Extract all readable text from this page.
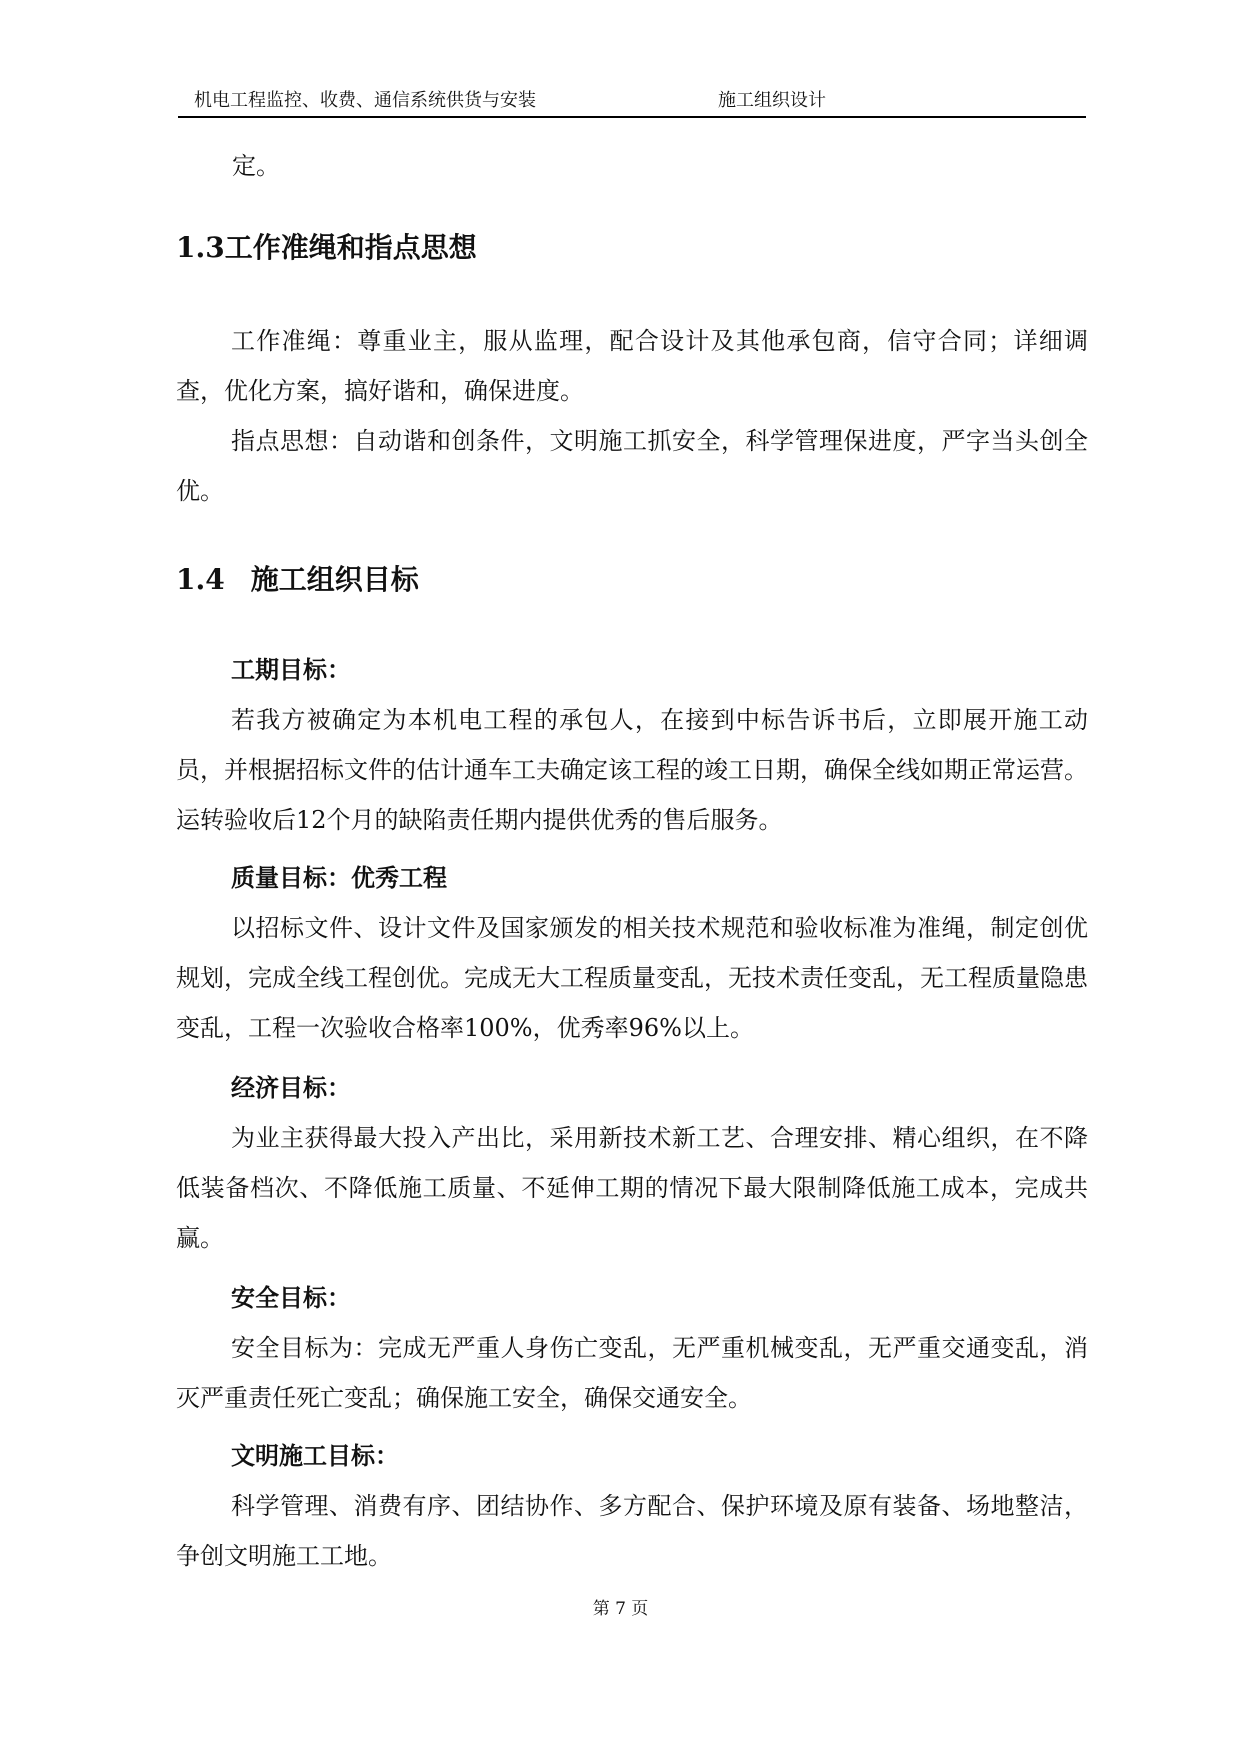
机电工程监控、收费、通信系统供货与安装	施工组织设计
定。
1.3工作准绳和指点思想

工作准绳：尊重业主，服从监理，配合设计及其他承包商，信守合同；详细调查，优化方案，搞好谐和，确保进度。

指点思想：自动谐和创条件，文明施工抓安全，科学管理保进度，严字当头创全优。

1.4 施工组织目标
工期目标：

若我方被确定为本机电工程的承包人，在接到中标告诉书后，立即展开施工动员，并根据招标文件的估计通车工夫确定该工程的竣工日期，确保全线如期正常运营。运转验收后12个月的缺陷责任期内提供优秀的售后服务。

质量目标：优秀工程

以招标文件、设计文件及国家颁发的相关技术规范和验收标准为准绳，制定创优规划，完成全线工程创优。完成无大工程质量变乱，无技术责任变乱，无工程质量隐患变乱，工程一次验收合格率100%，优秀率96%以上。

经济目标：

为业主获得最大投入产出比，采用新技术新工艺、合理安排、精心组织，在不降低装备档次、不降低施工质量、不延伸工期的情况下最大限制降低施工成本，完成共赢。

安全目标：

安全目标为：完成无严重人身伤亡变乱，无严重机械变乱，无严重交通变乱，消灭严重责任死亡变乱；确保施工安全，确保交通安全。

文明施工目标：

科学管理、消费有序、团结协作、多方配合、保护环境及原有装备、场地整洁，争创文明施工工地。

第 7 页
